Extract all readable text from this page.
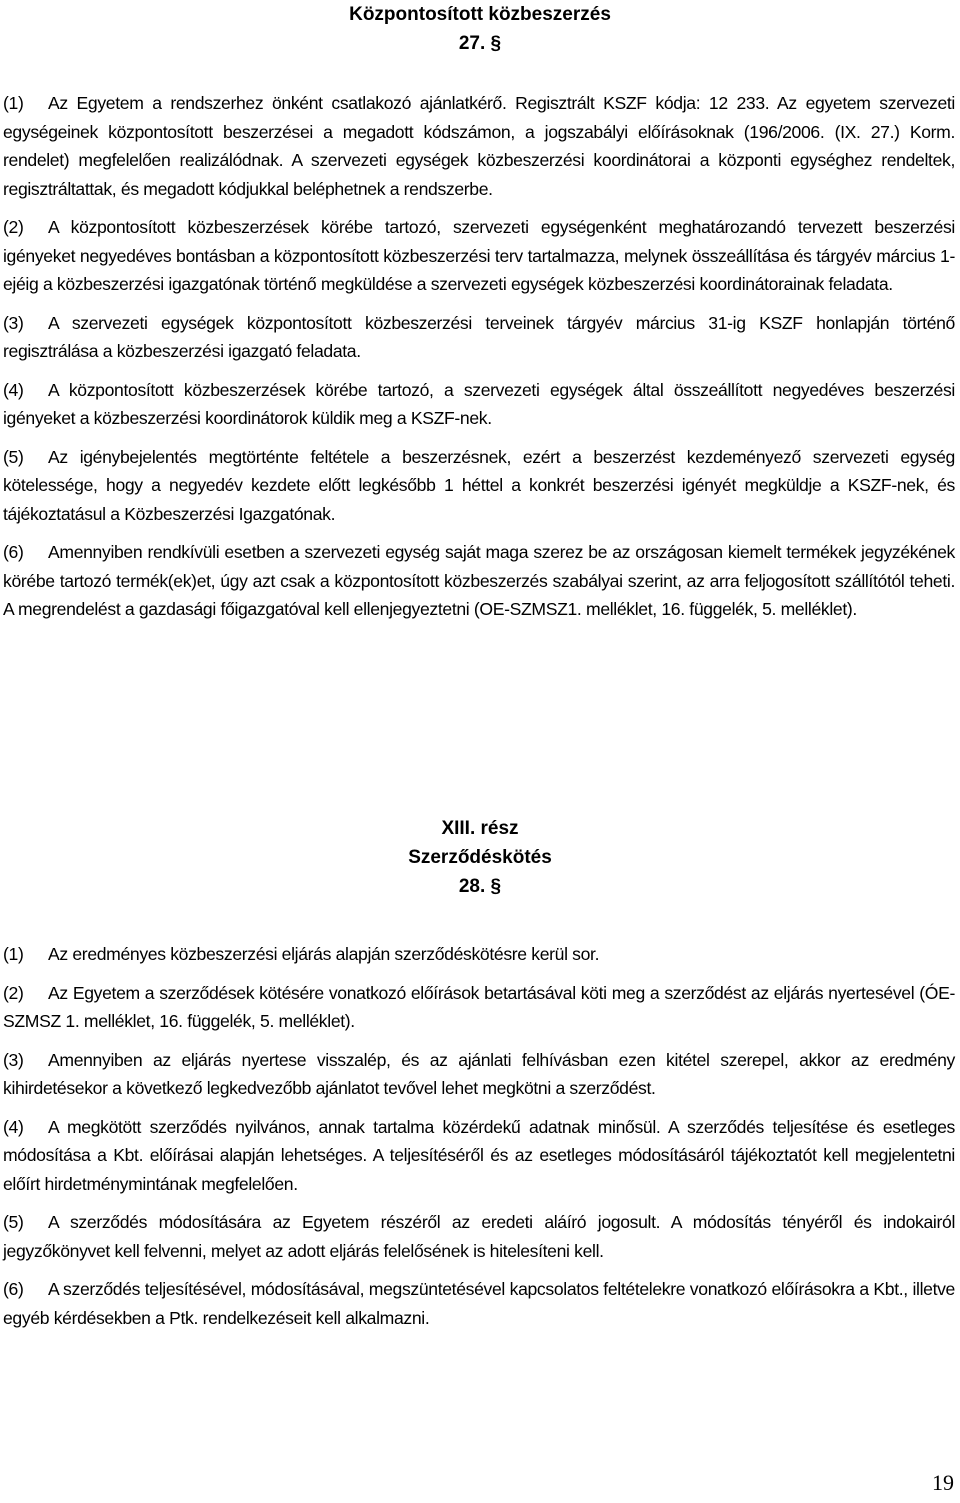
Központosított közbeszerzés

27. §

(1) Az Egyetem a rendszerhez önként csatlakozó ajánlatkérő. Regisztrált KSZF kódja: 12 233. Az egyetem szervezeti egységeinek központosított beszerzései a megadott kódszámon, a jogszabályi előírásoknak (196/2006. (IX. 27.) Korm. rendelet) megfelelően realizálódnak. A szervezeti egységek közbeszerzési koordinátorai a központi egységhez rendeltek, regisztráltattak, és megadott kódjukkal beléphetnek a rendszerbe.

(2) A központosított közbeszerzések körébe tartozó, szervezeti egységenként meghatározandó tervezett beszerzési igényeket negyedéves bontásban a központosított közbeszerzési terv tartalmazza, melynek összeállítása és tárgyév március 1-ejéig a közbeszerzési igazgatónak történő megküldése a szervezeti egységek közbeszerzési koordinátorainak feladata.

(3) A szervezeti egységek központosított közbeszerzési terveinek tárgyév március 31-ig KSZF honlapján történő regisztrálása a közbeszerzési igazgató feladata.

(4) A központosított közbeszerzések körébe tartozó, a szervezeti egységek által összeállított negyedéves beszerzési igényeket a közbeszerzési koordinátorok küldik meg a KSZF-nek.

(5) Az igénybejelentés megtörténte feltétele a beszerzésnek, ezért a beszerzést kezdeményező szervezeti egység kötelessége, hogy a negyedév kezdete előtt legkésőbb 1 héttel a konkrét beszerzési igényét megküldje a KSZF-nek, és tájékoztatásul a Közbeszerzési Igazgatónak.

(6) Amennyiben rendkívüli esetben a szervezeti egység saját maga szerez be az országosan kiemelt termékek jegyzékének körébe tartozó termék(ek)et, úgy azt csak a központosított közbeszerzés szabályai szerint, az arra feljogosított szállítótól teheti. A megrendelést a gazdasági főigazgatóval kell ellenjegyeztetni (OE-SZMSZ1. melléklet, 16. függelék, 5. melléklet).

XIII. rész

Szerződéskötés

28. §

(1) Az eredményes közbeszerzési eljárás alapján szerződéskötésre kerül sor.

(2) Az Egyetem a szerződések kötésére vonatkozó előírások betartásával köti meg a szerződést az eljárás nyertesével (ÓE-SZMSZ 1. melléklet, 16. függelék, 5. melléklet).

(3) Amennyiben az eljárás nyertese visszalép, és az ajánlati felhívásban ezen kitétel szerepel, akkor az eredmény kihirdetésekor a következő legkedvezőbb ajánlatot tevővel lehet megkötni a szerződést.

(4) A megkötött szerződés nyilvános, annak tartalma közérdekű adatnak minősül. A szerződés teljesítése és esetleges módosítása a Kbt. előírásai alapján lehetséges. A teljesítéséről és az esetleges módosításáról tájékoztatót kell megjelentetni előírt hirdetménymintának megfelelően.

(5) A szerződés módosítására az Egyetem részéről az eredeti aláíró jogosult. A módosítás tényéről és indokairól jegyzőkönyvet kell felvenni, melyet az adott eljárás felelősének is hitelesíteni kell.

(6) A szerződés teljesítésével, módosításával, megszüntetésével kapcsolatos feltételekre vonatkozó előírásokra a Kbt., illetve egyéb kérdésekben a Ptk. rendelkezéseit kell alkalmazni.

19
